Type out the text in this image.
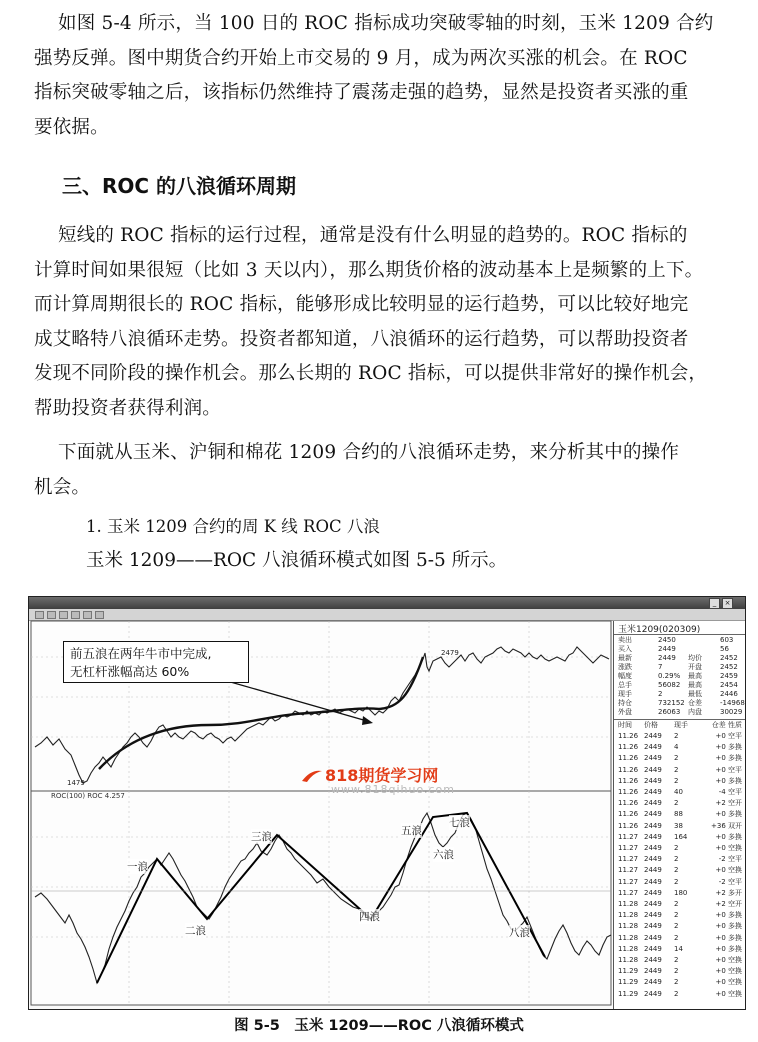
如图 5-4 所示，当 100 日的 ROC 指标成功突破零轴的时刻，玉米 1209 合约
强势反弹。图中期货合约开始上市交易的 9 月，成为两次买涨的机会。在 ROC
指标突破零轴之后，该指标仍然维持了震荡走强的趋势，显然是投资者买涨的重
要依据。

三、ROC 的八浪循环周期

短线的 ROC 指标的运行过程，通常是没有什么明显的趋势的。ROC 指标的
计算时间如果很短（比如 3 天以内），那么期货价格的波动基本上是频繁的上下。
而计算周期很长的 ROC 指标，能够形成比较明显的运行趋势，可以比较好地完
成艾略特八浪循环走势。投资者都知道，八浪循环的运行趋势，可以帮助投资者
发现不同阶段的操作机会。那么长期的 ROC 指标，可以提供非常好的操作机会，
帮助投资者获得利润。

下面就从玉米、沪铜和棉花 1209 合约的八浪循环走势，来分析其中的操作
机会。

1. 玉米 1209 合约的周 K 线 ROC 八浪

玉米 1209——ROC 八浪循环模式如图 5-5 所示。

_	×
1479
2479
ROC(100) ROC 4.257
前五浪在两年牛市中完成,
无杠杆涨幅高达 60%
818期货学习网
www.818qihuo.com
一浪
二浪
三浪
四浪
五浪
六浪
七浪
八浪
玉米1209(020309)
卖出	2450	603
买入	2449	56
最新	2449 均价	2452
涨跌	7	开盘	2452
幅度	0.29% 最高	2459
总手	56082 最高	2454
现手	2	最低	2446
持仓	732152 仓差	-14968
外盘	26063 内盘	30029
时间 价格 现手	仓差 性质
11.26 2449 2	+0 空平
11.26 2449 4	+0 多换
11.26 2449 2	+0 多换
11.26 2449 2	+0 空平
11.26 2449 2	+0 多换
11.26 2449 40	-4 空平
11.26 2449 2	+2 空开
11.26 2449 88	+0 多换
11.26 2449 38	+36 双开
11.27 2449 164	+0 多换
11.27 2449 2	+0 空换
11.27 2449 2	-2 空平
11.27 2449 2	+0 空换
11.27 2449 2	-2 空平
11.27 2449 180	+2 多开
11.28 2449 2	+2 空开
11.28 2449 2	+0 多换
11.28 2449 2	+0 多换
11.28 2449 2	+0 多换
11.28 2449 14	+0 多换
11.28 2449 2	+0 空换
11.29 2449 2	+0 空换
11.29 2449 2	+0 空换
11.29 2449 2	+0 空换
图 5-5　玉米 1209——ROC 八浪循环模式
